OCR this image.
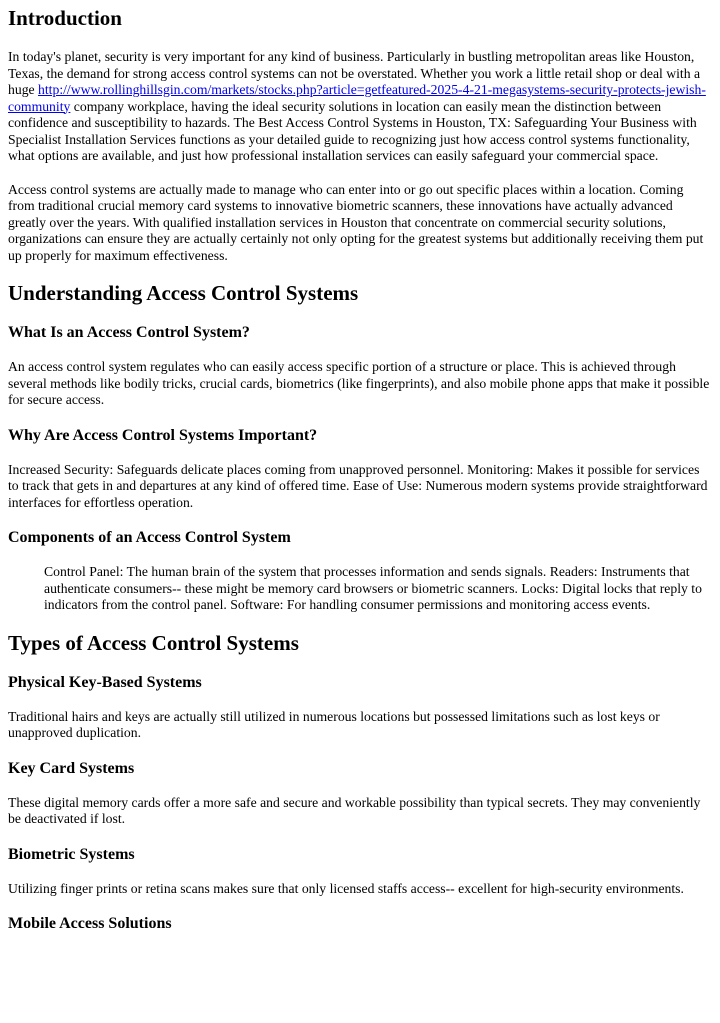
Introduction

In today's planet, security is very important for any kind of business. Particularly in bustling metropolitan areas like Houston, Texas, the demand for strong access control systems can not be overstated. Whether you work a little retail shop or deal with a huge http://www.rollinghillsgin.com/markets/stocks.php?article=getfeatured-2025-4-21-megasystems-security-protects-jewish-community company workplace, having the ideal security solutions in location can easily mean the distinction between confidence and susceptibility to hazards. The Best Access Control Systems in Houston, TX: Safeguarding Your Business with Specialist Installation Services functions as your detailed guide to recognizing just how access control systems functionality, what options are available, and just how professional installation services can easily safeguard your commercial space.

Access control systems are actually made to manage who can enter into or go out specific places within a location. Coming from traditional crucial memory card systems to innovative biometric scanners, these innovations have actually advanced greatly over the years. With qualified installation services in Houston that concentrate on commercial security solutions, organizations can ensure they are actually certainly not only opting for the greatest systems but additionally receiving them put up properly for maximum effectiveness.

Understanding Access Control Systems
What Is an Access Control System?

An access control system regulates who can easily access specific portion of a structure or place. This is achieved through several methods like bodily tricks, crucial cards, biometrics (like fingerprints), and also mobile phone apps that make it possible for secure access.

Why Are Access Control Systems Important?

Increased Security: Safeguards delicate places coming from unapproved personnel. Monitoring: Makes it possible for services to track that gets in and departures at any kind of offered time. Ease of Use: Numerous modern systems provide straightforward interfaces for effortless operation.

Components of an Access Control System
Control Panel: The human brain of the system that processes information and sends signals. Readers: Instruments that authenticate consumers-- these might be memory card browsers or biometric scanners. Locks: Digital locks that reply to indicators from the control panel. Software: For handling consumer permissions and monitoring access events.
Types of Access Control Systems
Physical Key-Based Systems

Traditional hairs and keys are actually still utilized in numerous locations but possessed limitations such as lost keys or unapproved duplication.

Key Card Systems

These digital memory cards offer a more safe and secure and workable possibility than typical secrets. They may conveniently be deactivated if lost.

Biometric Systems

Utilizing finger prints or retina scans makes sure that only licensed staffs access-- excellent for high-security environments.

Mobile Access Solutions
